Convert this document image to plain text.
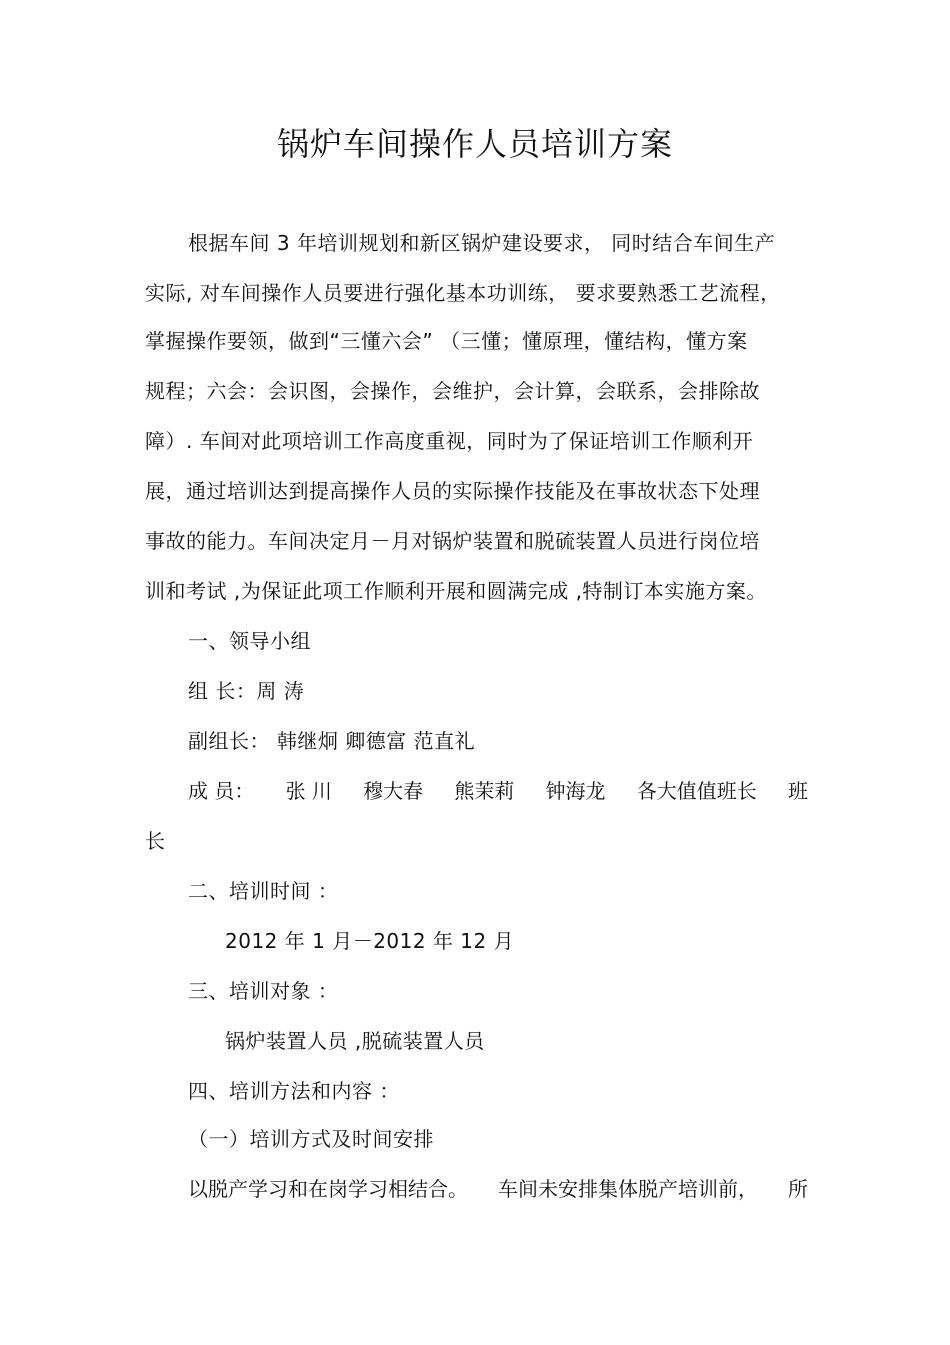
锅炉车间操作人员培训方案
根据车间 3 年培训规划和新区锅炉建设要求， 同时结合车间生产
实际, 对车间操作人员要进行强化基本功训练， 要求要熟悉工艺流程，
掌握操作要领，做到“三懂六会” （三懂；懂原理，懂结构，懂方案
规程；六会：会识图，会操作，会维护，会计算，会联系，会排除故
障）. 车间对此项培训工作高度重视，同时为了保证培训工作顺利开
展，通过培训达到提高操作人员的实际操作技能及在事故状态下处理
事故的能力。车间决定月－月对锅炉装置和脱硫装置人员进行岗位培
训和考试 ,为保证此项工作顺利开展和圆满完成 ,特制订本实施方案。
一、领导小组
组 长：周 涛
副组长： 韩继炯 卿德富 范直礼
成 员： 张 川 穆大春 熊茉莉 钟海龙 各大值值班长 班
长
二、培训时间 ：
2012 年 1 月－2012 年 12 月
三、培训对象 ：
锅炉装置人员 ,脱硫装置人员
四、培训方法和内容 ：
（一）培训方式及时间安排
以脱产学习和在岗学习相结合。 车间未安排集体脱产培训前， 所
